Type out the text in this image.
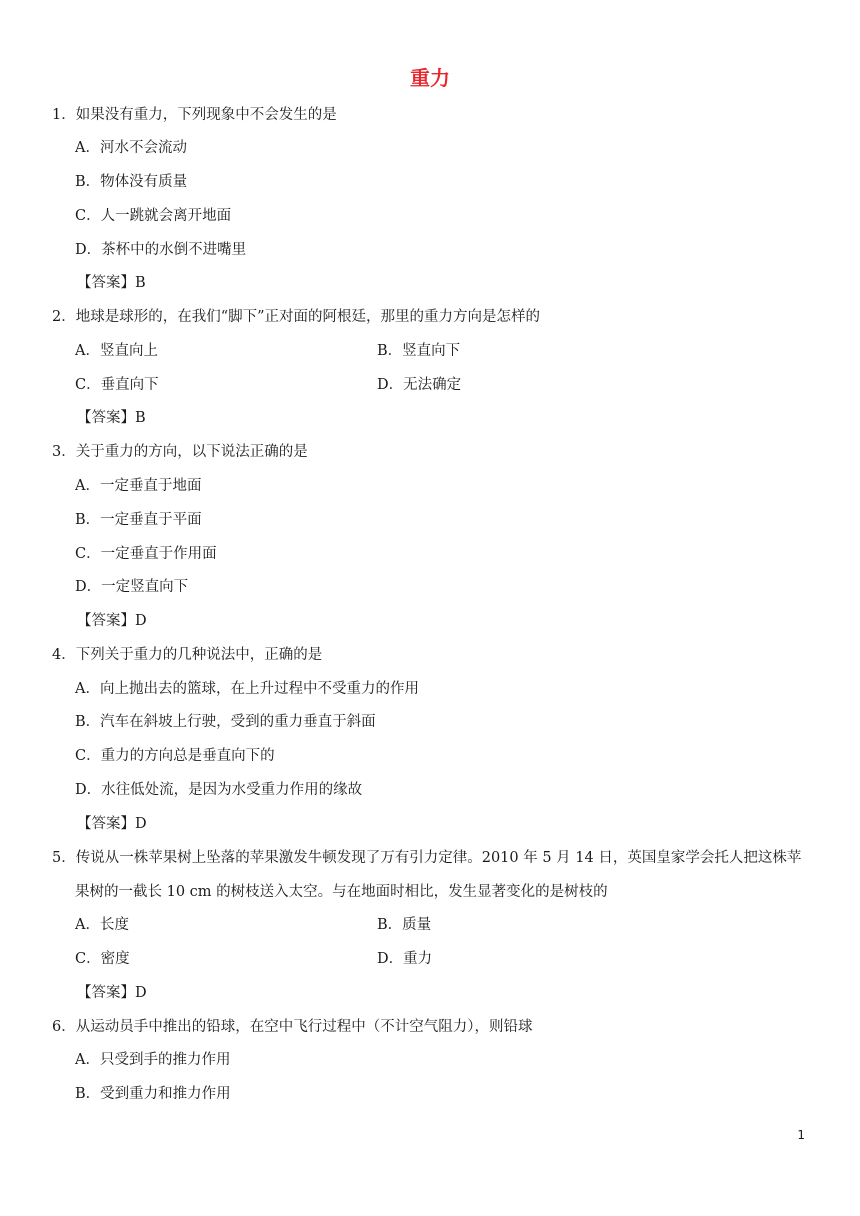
重力
1．如果没有重力，下列现象中不会发生的是
A．河水不会流动
B．物体没有质量
C．人一跳就会离开地面
D．茶杯中的水倒不进嘴里
【答案】B
2．地球是球形的，在我们“脚下”正对面的阿根廷，那里的重力方向是怎样的
A．竖直向上	B．竖直向下
C．垂直向下	D．无法确定
【答案】B
3．关于重力的方向，以下说法正确的是
A．一定垂直于地面
B．一定垂直于平面
C．一定垂直于作用面
D．一定竖直向下
【答案】D
4．下列关于重力的几种说法中，正确的是
A．向上抛出去的篮球，在上升过程中不受重力的作用
B．汽车在斜坡上行驶，受到的重力垂直于斜面
C．重力的方向总是垂直向下的
D．水往低处流，是因为水受重力作用的缘故
【答案】D
5．传说从一株苹果树上坠落的苹果激发牛顿发现了万有引力定律。2010 年 5 月 14 日，英国皇家学会托人把这株苹
果树的一截长 10 cm 的树枝送入太空。与在地面时相比，发生显著变化的是树枝的
A．长度	B．质量
C．密度	D．重力
【答案】D
6．从运动员手中推出的铅球，在空中飞行过程中（不计空气阻力），则铅球
A．只受到手的推力作用
B．受到重力和推力作用
1
